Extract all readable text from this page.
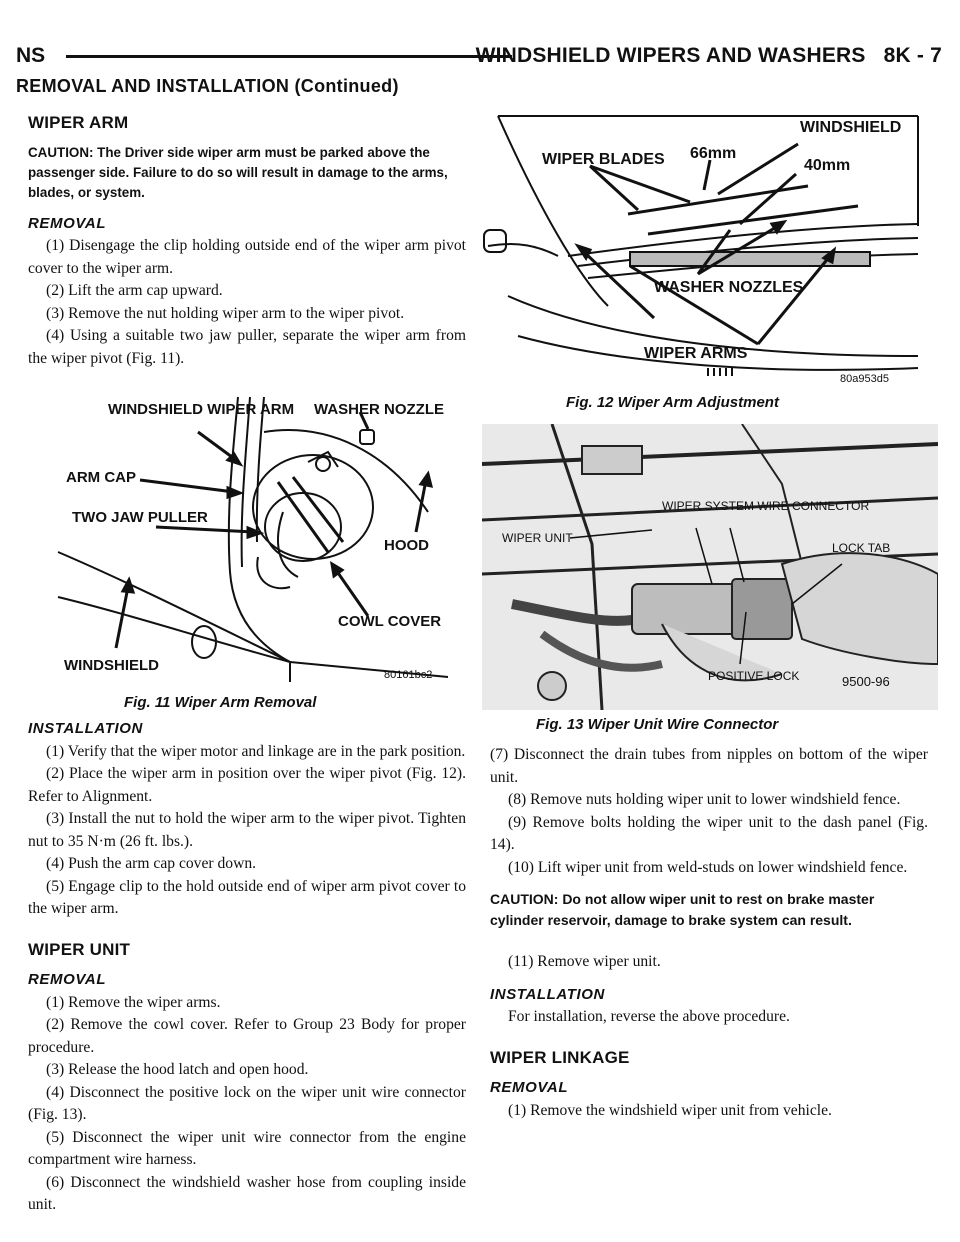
NS	WINDSHIELD WIPERS AND WASHERS 8K - 7
REMOVAL AND INSTALLATION (Continued)
WIPER ARM
CAUTION: The Driver side wiper arm must be parked above the passenger side. Failure to do so will result in damage to the arms, blades, or system.
REMOVAL

(1) Disengage the clip holding outside end of the wiper arm pivot cover to the wiper arm.

(2) Lift the arm cap upward.

(3) Remove the nut holding wiper arm to the wiper pivot.

(4) Using a suitable two jaw puller, separate the wiper arm from the wiper pivot (Fig. 11).

WINDSHIELD WIPER ARM WASHER NOZZLE
ARM CAP
TWO JAW PULLER
HOOD
COWL COVER
WINDSHIELD
80161bc2
Fig. 11 Wiper Arm Removal
INSTALLATION

(1) Verify that the wiper motor and linkage are in the park position.

(2) Place the wiper arm in position over the wiper pivot (Fig. 12). Refer to Alignment.

(3) Install the nut to hold the wiper arm to the wiper pivot. Tighten nut to 35 N·m (26 ft. lbs.).

(4) Push the arm cap cover down.

(5) Engage clip to the hold outside end of wiper arm pivot cover to the wiper arm.

WIPER UNIT
REMOVAL

(1) Remove the wiper arms.

(2) Remove the cowl cover. Refer to Group 23 Body for proper procedure.

(3) Release the hood latch and open hood.

(4) Disconnect the positive lock on the wiper unit wire connector (Fig. 13).

(5) Disconnect the wiper unit wire connector from the engine compartment wire harness.

(6) Disconnect the windshield washer hose from coupling inside unit.

WINDSHIELD
WIPER BLADES 66mm
40mm
WASHER NOZZLES
WIPER ARMS
80a953d5
Fig. 12 Wiper Arm Adjustment
WIPER UNIT
WIPER SYSTEM WIRE CONNECTOR
LOCK TAB
POSITIVE LOCK	9500-96
Fig. 13 Wiper Unit Wire Connector

(7) Disconnect the drain tubes from nipples on bottom of the wiper unit.

(8) Remove nuts holding wiper unit to lower windshield fence.

(9) Remove bolts holding the wiper unit to the dash panel (Fig. 14).

(10) Lift wiper unit from weld-studs on lower windshield fence.

CAUTION: Do not allow wiper unit to rest on brake master cylinder reservoir, damage to brake system can result.

(11) Remove wiper unit.

INSTALLATION

For installation, reverse the above procedure.

WIPER LINKAGE
REMOVAL

(1) Remove the windshield wiper unit from vehicle.
